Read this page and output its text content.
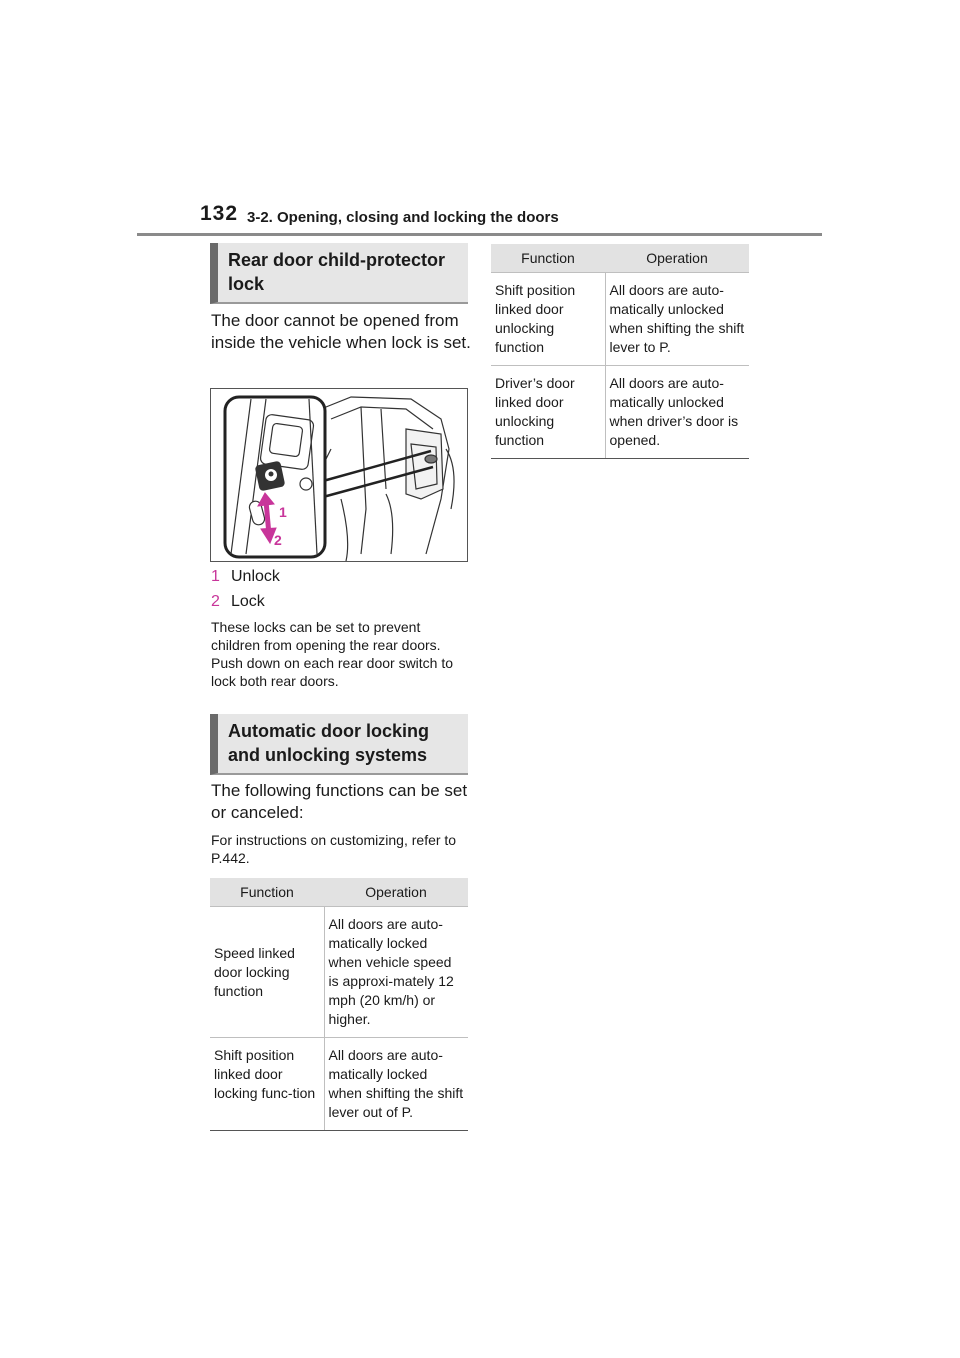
132 3-2. Opening, closing and locking the doors
Rear door child-protector lock
The door cannot be opened from inside the vehicle when lock is set.
1
2
1 Unlock
2 Lock
These locks can be set to prevent children from opening the rear doors. Push down on each rear door switch to lock both rear doors.
Automatic door locking and unlocking systems
The following functions can be set or canceled:
For instructions on customizing, refer to P.442.
Function	Operation
Speed linked door locking function	All doors are auto-matically locked when vehicle speed is approxi-mately 12 mph (20 km/h) or higher.
Shift position linked door locking func-tion	All doors are auto-matically locked when shifting the shift lever out of P.
Function	Operation
Shift position linked door unlocking function	All doors are auto-matically unlocked when shifting the shift lever to P.
Driver’s door linked door unlocking function	All doors are auto-matically unlocked when driver’s door is opened.
